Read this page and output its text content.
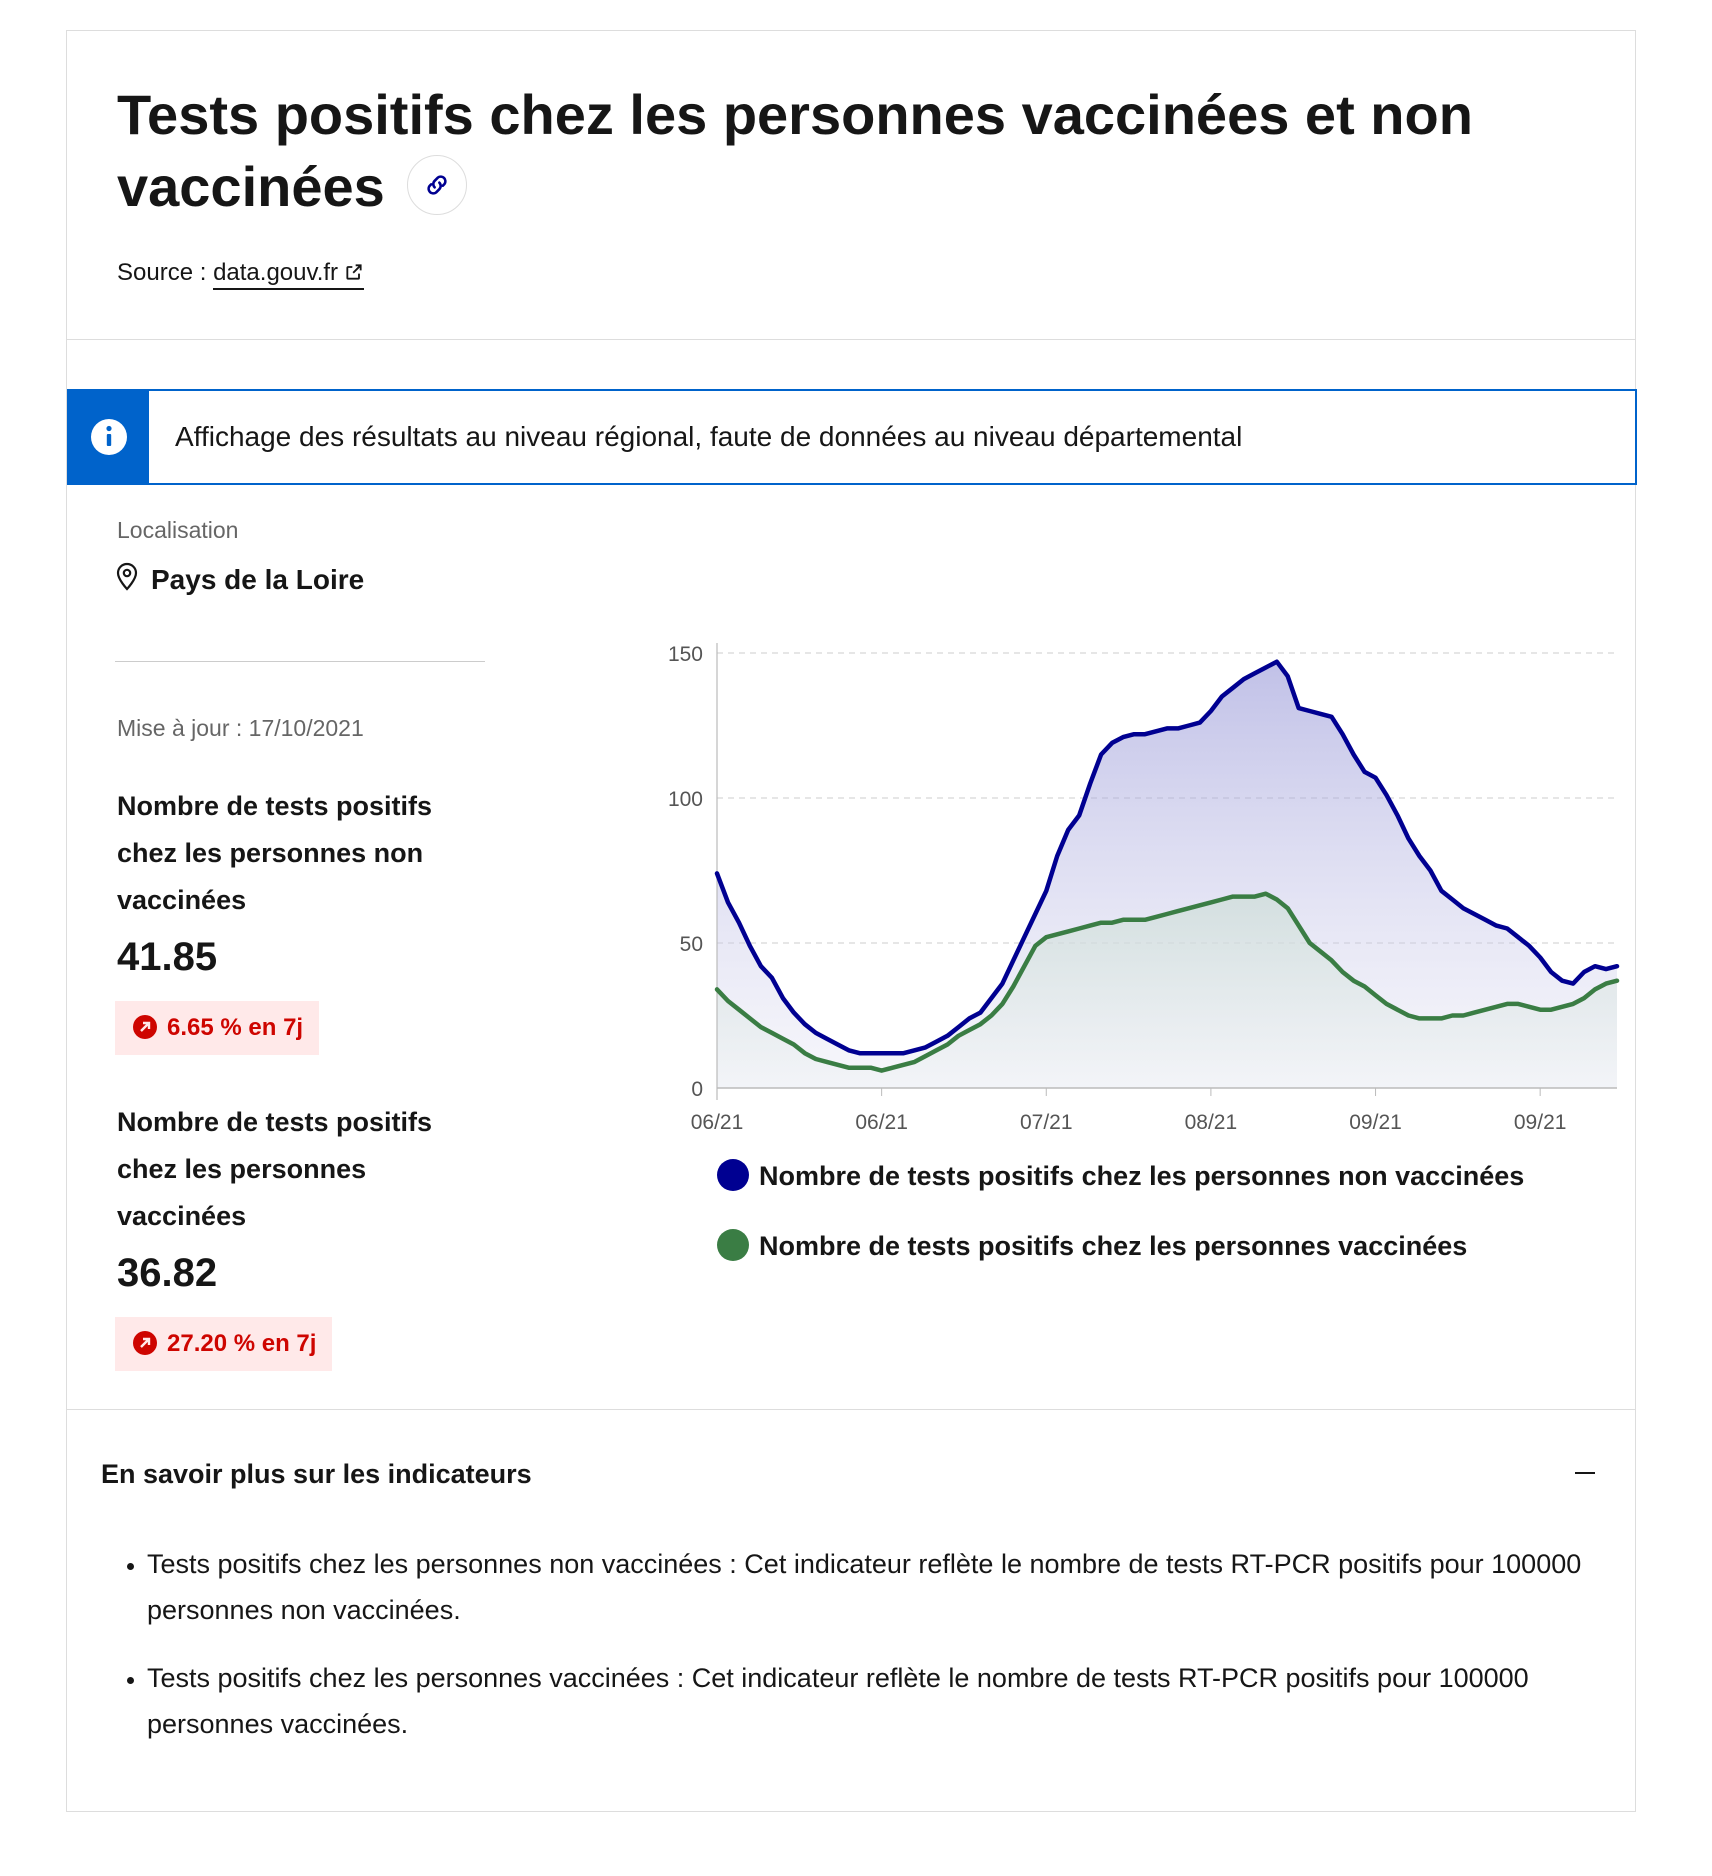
Tests positifs chez les personnes vaccinées et non vaccinées
Source : data.gouv.fr
Affichage des résultats au niveau régional, faute de données au niveau départemental
Localisation
Pays de la Loire
Mise à jour : 17/10/2021

Nombre de tests positifs chez les personnes non vaccinées

41.85
6.65 % en 7j

Nombre de tests positifs chez les personnes vaccinées

36.82
27.20 % en 7j
0
50
100
150
06/21	06/21	07/21	08/21	09/21	09/21
Nombre de tests positifs chez les personnes non vaccinées
Nombre de tests positifs chez les personnes vaccinées
En savoir plus sur les indicateurs
• Tests positifs chez les personnes non vaccinées : Cet indicateur reflète le nombre de tests RT-PCR positifs pour 100000 personnes non vaccinées.
• Tests positifs chez les personnes vaccinées : Cet indicateur reflète le nombre de tests RT-PCR positifs pour 100000 personnes vaccinées.
